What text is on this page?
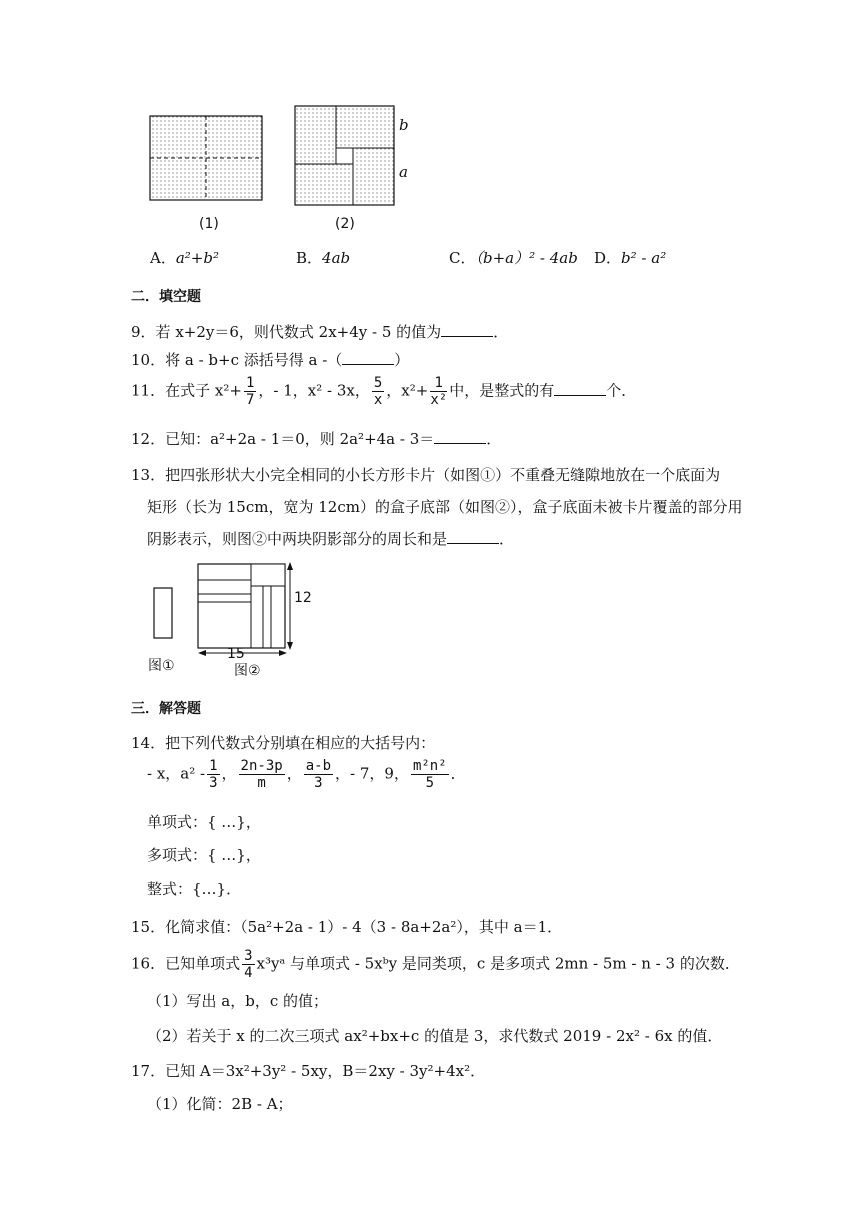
(1)	(2)
b
a
A．a²+b²	B．4ab	C．（b+a）² - 4ab D．b² - a²
二．填空题
9．若 x+2y＝6，则代数式 2x+4y - 5 的值为	．
10．将 a - b+c 添括号得 a -（	）
11．在式子 $x^2+ \frac{1}{7}$ ，- 1，x² - 3x， $\frac{5}{x}$ ，$x^2+ \frac{1}{\text{x²}}$ 中，是整式的有	个．
12．已知：a²+2a - 1＝0，则 2a²+4a - 3＝	．
13．把四张形状大小完全相同的小长方形卡片（如图①）不重叠无缝隙地放在一个底面为
矩形（长为 15cm，宽为 12cm）的盒子底部（如图②），盒子底面未被卡片覆盖的部分用
阴影表示，则图②中两块阴影部分的周长和是	．
12
15
图①	图②
三．解答题
14．把下列代数式分别填在相应的大括号内：
- x，$a^2 - \frac{1}{3}$ ， $\frac{2n-3p}{m}$ ， $\frac{a-b}{3}$ ，- 7，9， $\frac{\text{m²n²}}{5}$ ．
单项式：{ …}，
多项式：{ …}，
整式：{…}．
15．化简求值：（5a²+2a - 1）- 4（3 - 8a+2a²），其中 a＝1．
16．已知单项式 $\frac{3}{4}$ x³yᵃ 与单项式 - 5xᵇy 是同类项，c 是多项式 2mn - 5m - n - 3 的次数．
（1）写出 a，b，c 的值；
（2）若关于 x 的二次三项式 ax²+bx+c 的值是 3，求代数式 2019 - 2x² - 6x 的值．
17．已知 A＝3x²+3y² - 5xy，B＝2xy - 3y²+4x²．
（1）化简：2B - A；
